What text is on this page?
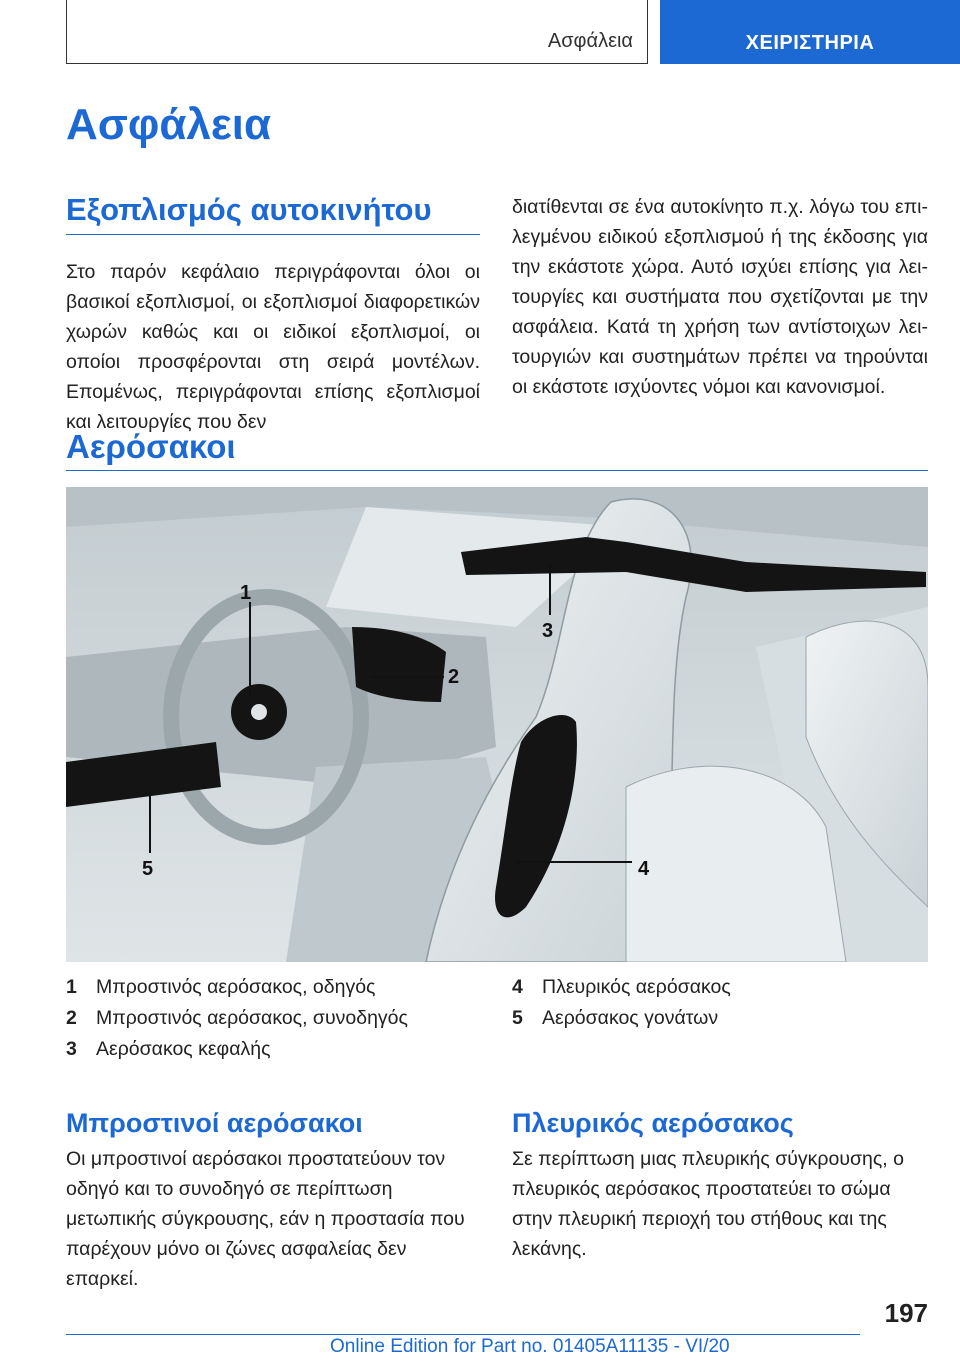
Ασφάλεια	ΧΕΙΡΙΣΤΗΡΙΑ
Ασφάλεια
Εξοπλισμός αυτοκινήτου

Στο παρόν κεφάλαιο περιγράφονται όλοι οι βασικοί εξοπλισμοί, οι εξοπλισμοί διαφορετικών χωρών καθώς και οι ειδικοί εξοπλισμοί, οι οποίοι προσφέρονται στη σειρά μοντέλων. Επομένως, περιγράφονται επίσης εξοπλισμοί και λειτουργίες που δεν

διατίθενται σε ένα αυτοκίνητο π.χ. λόγω του επιλεγμένου ειδικού εξοπλισμού ή της έκδοσης για την εκάστοτε χώρα. Αυτό ισχύει επίσης για λειτουργίες και συστήματα που σχετίζονται με την ασφάλεια. Κατά τη χρήση των αντίστοιχων λειτουργιών και συστημάτων πρέπει να τηρούνται οι εκάστοτε ισχύοντες νόμοι και κανονισμοί.

Αερόσακοι
1
2
3
4
5
1 Μπροστινός αερόσακος, οδηγός
2 Μπροστινός αερόσακος, συνοδηγός
3 Αερόσακος κεφαλής
4 Πλευρικός αερόσακος
5 Αερόσακος γονάτων
Μπροστινοί αερόσακοι

Οι μπροστινοί αερόσακοι προστατεύουν τον οδηγό και το συνοδηγό σε περίπτωση μετωπικής σύγκρουσης, εάν η προστασία που παρέχουν μόνο οι ζώνες ασφαλείας δεν επαρκεί.

Πλευρικός αερόσακος

Σε περίπτωση μιας πλευρικής σύγκρουσης, ο πλευρικός αερόσακος προστατεύει το σώμα στην πλευρική περιοχή του στήθους και της λεκάνης.

197
Online Edition for Part no. 01405A11135 - VI/20
